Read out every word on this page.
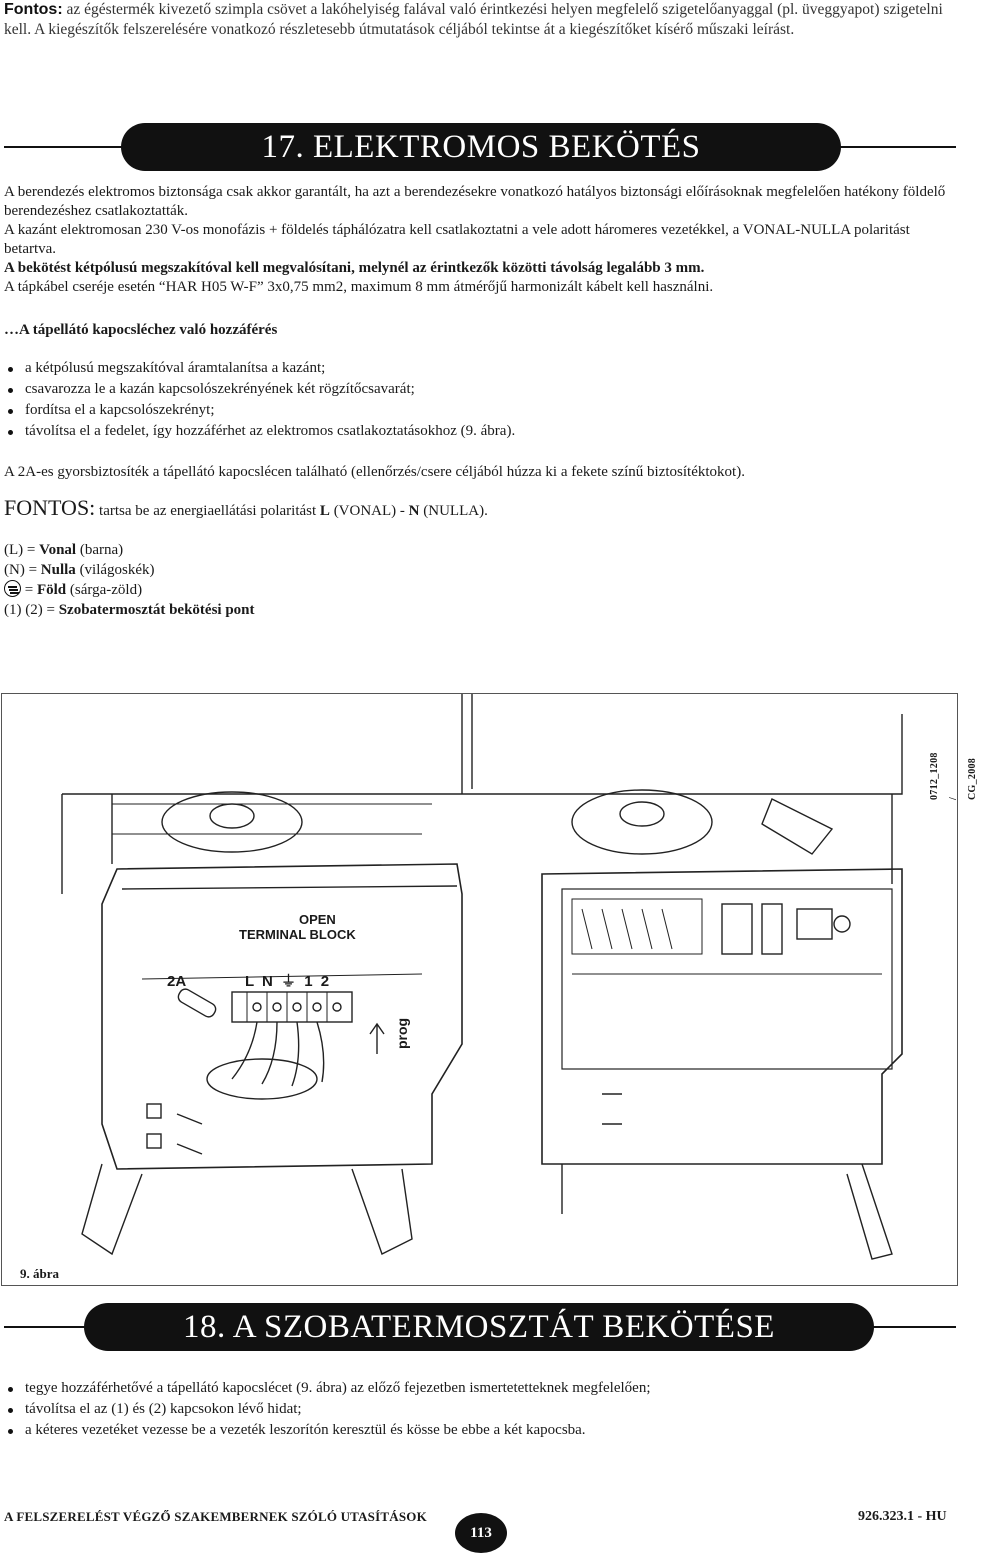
Fontos: az égéstermék kivezető szimpla csövet a lakóhelyiség falával való érintkezési helyen megfelelő szigetelőanyaggal (pl. üveggyapot) szigetelni kell. A kiegészítők felszerelésére vonatkozó részletesebb útmutatások céljából tekintse át a kiegészítőket kísérő műszaki leírást.
17. ELEKTROMOS BEKÖTÉS

A berendezés elektromos biztonsága csak akkor garantált, ha azt a berendezésekre vonatkozó hatályos biztonsági előírásoknak megfelelően hatékony földelő berendezéshez csatlakoztatták.

A kazánt elektromosan 230 V-os monofázis + földelés táphálózatra kell csatlakoztatni a vele adott háromeres vezetékkel, a VONAL-NULLA polaritást betartva.

A bekötést kétpólusú megszakítóval kell megvalósítani, melynél az érintkezők közötti távolság legalább 3 mm.

A tápkábel cseréje esetén “HAR H05 W-F” 3x0,75 mm2, maximum 8 mm átmérőjű harmonizált kábelt kell használni.

…A tápellátó kapocsléchez való hozzáférés
a kétpólusú megszakítóval áramtalanítsa a kazánt;
csavarozza le a kazán kapcsolószekrényének két rögzítőcsavarát;
fordítsa el a kapcsolószekrényt;
távolítsa el a fedelet, így hozzáférhet az elektromos csatlakoztatásokhoz (9. ábra).
A 2A-es gyorsbiztosíték a tápellátó kapocslécen található (ellenőrzés/csere céljából húzza ki a fekete színű biztosítéktokot).
FONTOS: tartsa be az energiaellátási polaritást L (VONAL) - N (NULLA).
(L) = Vonal (barna)
(N) = Nulla (világoskék)
= Föld (sárga-zöld)
(1) (2) = Szobatermosztát bekötési pont
OPEN
TERMINAL BLOCK
2A	L N ⏚ 1 2
prog
0712_1208 / CG_2008
9. ábra
18. A SZOBATERMOSZTÁT BEKÖTÉSE
tegye hozzáférhetővé a tápellátó kapocslécet (9. ábra) az előző fejezetben ismertetetteknek megfelelően;
távolítsa el az (1) és (2) kapcsokon lévő hidat;
a kéteres vezetéket vezesse be a vezeték leszorítón keresztül és kösse be ebbe a két kapocsba.
A FELSZERELÉST VÉGZŐ SZAKEMBERNEK SZÓLÓ UTASÍTÁSOK
113
926.323.1 - HU
